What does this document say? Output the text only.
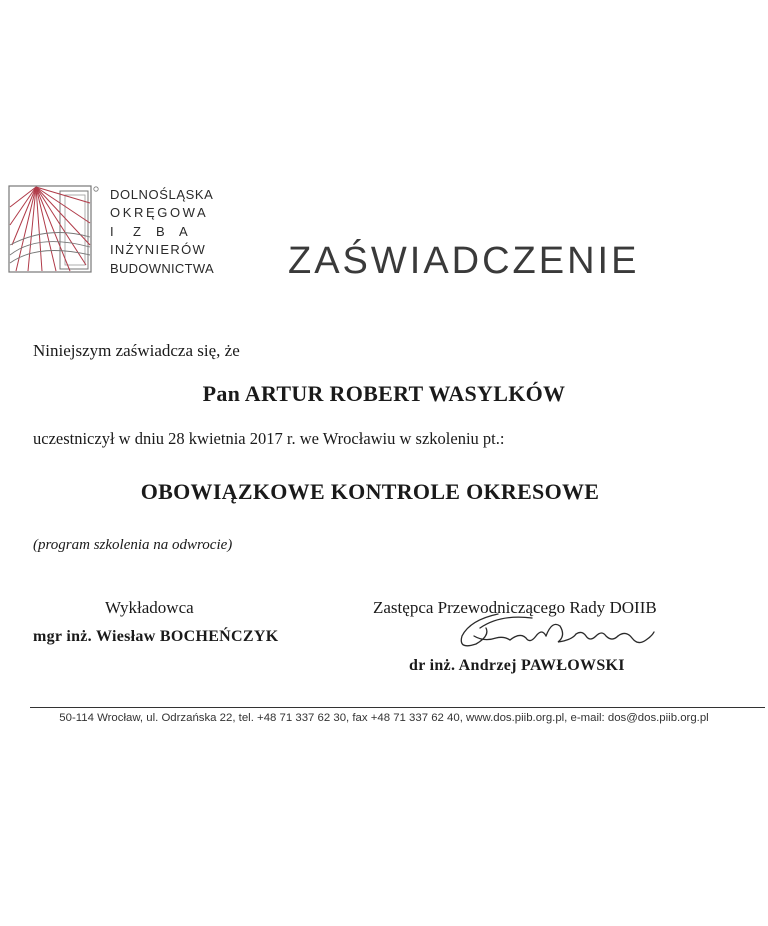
DOLNOŚLĄSKA
OKRĘGOWA
I Z B A
INŻYNIERÓW
BUDOWNICTWA ZAŚWIADCZENIE
Niniejszym zaświadcza się, że
Pan ARTUR ROBERT WASYLKÓW
uczestniczył w dniu 28 kwietnia 2017 r. we Wrocławiu w szkoleniu pt.:
OBOWIĄZKOWE KONTROLE OKRESOWE
(program szkolenia na odwrocie)
Wykładowca
mgr inż. Wiesław BOCHEŃCZYK
Zastępca Przewodniczącego Rady DOIIB
dr inż. Andrzej PAWŁOWSKI
50-114 Wrocław, ul. Odrzańska 22, tel. +48 71 337 62 30, fax +48 71 337 62 40, www.dos.piib.org.pl, e-mail: dos@dos.piib.org.pl
